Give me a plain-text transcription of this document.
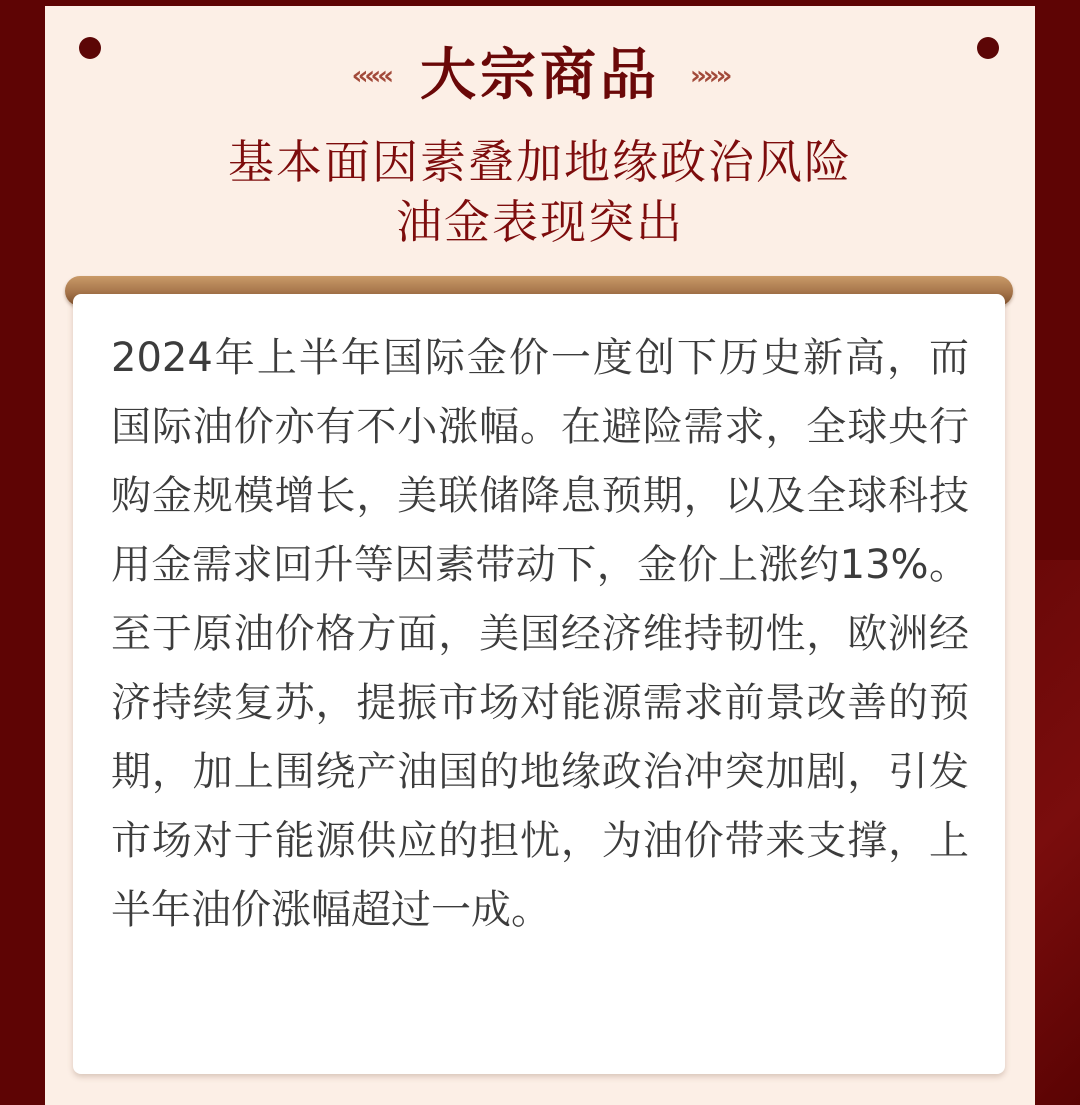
««« 大宗商品 »»»
基本面因素叠加地缘政治风险
油金表现突出

2024年上半年国际金价一度创下历史新高，而国际油价亦有不小涨幅。在避险需求，全球央行购金规模增长，美联储降息预期，以及全球科技用金需求回升等因素带动下，金价上涨约13%。至于原油价格方面，美国经济维持韧性，欧洲经济持续复苏，提振市场对能源需求前景改善的预期，加上围绕产油国的地缘政治冲突加剧，引发市场对于能源供应的担忧，为油价带来支撑，上半年油价涨幅超过一成。
